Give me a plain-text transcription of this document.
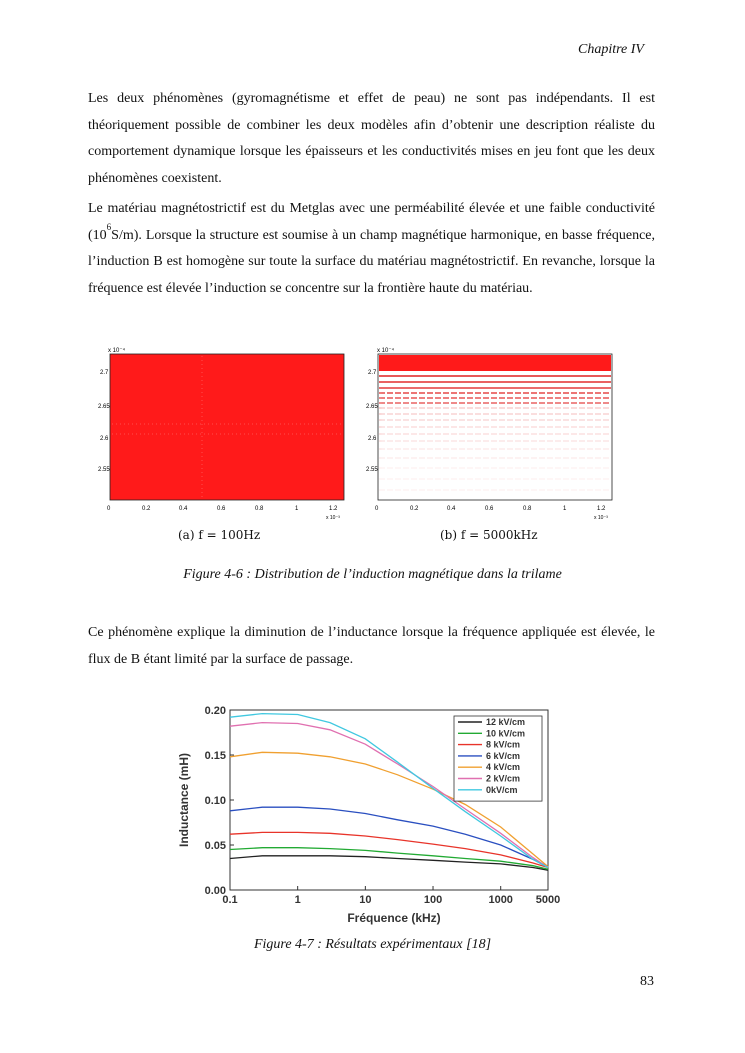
Chapitre IV

Les deux phénomènes (gyromagnétisme et effet de peau) ne sont pas indépendants. Il est théoriquement possible de combiner les deux modèles afin d’obtenir une description réaliste du comportement dynamique lorsque les épaisseurs et les conductivités mises en jeu font que les deux phénomènes coexistent.

Le matériau magnétostrictif est du Metglas avec une perméabilité élevée et une faible conductivité $(10^6S/m)$. Lorsque la structure est soumise à un champ magnétique harmonique, en basse fréquence, l’induction B est homogène sur toute la surface du matériau magnétostrictif. En revanche, lorsque la fréquence est élevée l’induction se concentre sur la frontière haute du matériau.

x 10⁻⁴
2.7
2.65
2.6
2.55
0	0.2	0.4	0.6	0.8	1	1.2
x 10⁻³
x 10⁻⁴
2.7
2.65
2.6
2.55
0	0.2	0.4	0.6	0.8	1	1.2
x 10⁻³
(a) f = 100Hz	(b) f = 5000kHz
Figure 4-6 : Distribution de l’induction magnétique dans la trilame

Ce phénomène explique la diminution de l’inductance lorsque la fréquence appliquée est élevée, le flux de B étant limité par la surface de passage.

0.00
0.05
0.10
0.15
0.20
0.1	1	10	100	1000 5000
Inductance (mH)
Fréquence (kHz)
12 kV/cm
10 kV/cm
8 kV/cm
6 kV/cm
4 kV/cm
2 kV/cm
0kV/cm
Figure 4-7 : Résultats expérimentaux [18]
83
